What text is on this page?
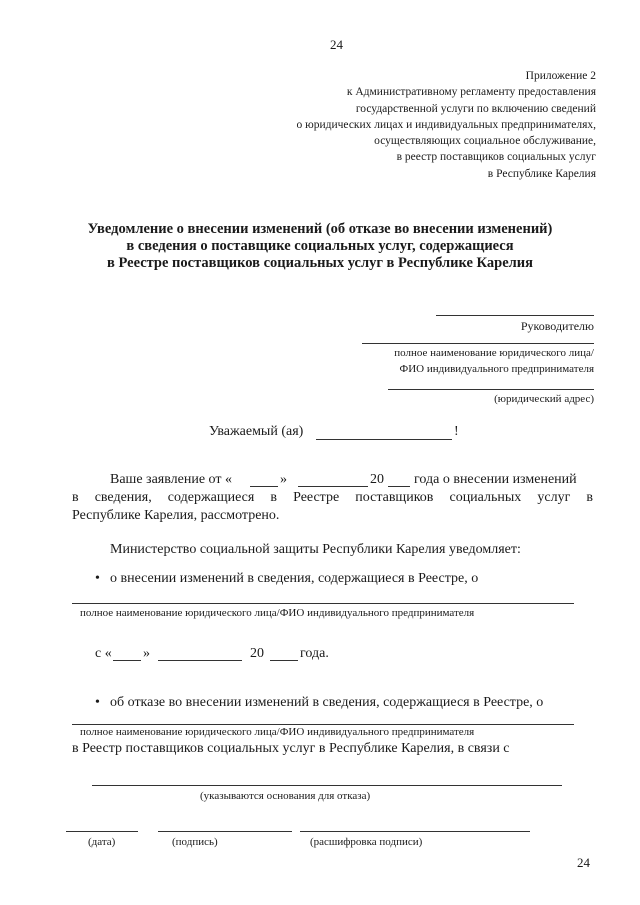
24
Приложение 2
к Административному регламенту предоставления
государственной услуги по включению сведений
о юридических лицах и индивидуальных предпринимателях,
осуществляющих социальное обслуживание,
в реестр поставщиков социальных услуг
в Республике Карелия
Уведомление о внесении изменений (об отказе во внесении изменений)
в сведения о поставщике социальных услуг, содержащиеся
в Реестре поставщиков социальных услуг в Республике Карелия
Руководителю
полное наименование юридического лица/
ФИО индивидуального предпринимателя
(юридический адрес)
Уважаемый (ая)	!
Ваше заявление от «	»	20 года о внесении изменений
в сведения, содержащиеся в Реестре поставщиков социальных услуг в
Республике Карелия, рассмотрено.
Министерство социальной защиты Республики Карелия уведомляет:
• о внесении изменений в сведения, содержащиеся в Реестре, о
полное наименование юридического лица/ФИО индивидуального предпринимателя
с « »	20	года.
• об отказе во внесении изменений в сведения, содержащиеся в Реестре, о
полное наименование юридического лица/ФИО индивидуального предпринимателя
в Реестр поставщиков социальных услуг в Республике Карелия, в связи с
(указываются основания для отказа)
(дата)	(подпись)	(расшифровка подписи)
24
